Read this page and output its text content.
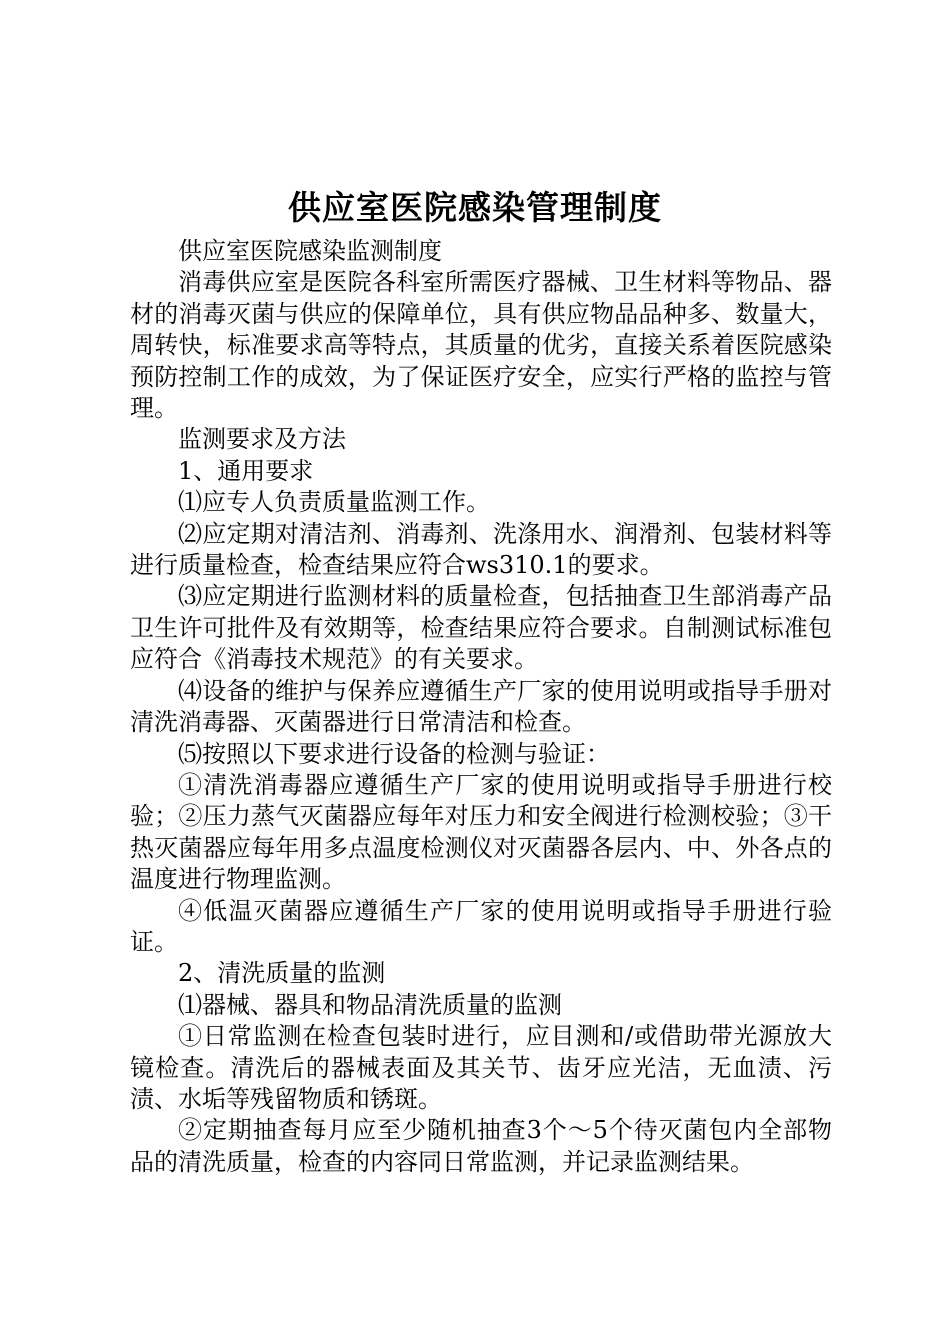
供应室医院感染管理制度

供应室医院感染监测制度

消毒供应室是医院各科室所需医疗器械、卫生材料等物品、器材的消毒灭菌与供应的保障单位，具有供应物品品种多、数量大，周转快，标准要求高等特点，其质量的优劣，直接关系着医院感染预防控制工作的成效，为了保证医疗安全，应实行严格的监控与管理。

监测要求及方法

1、通用要求

⑴应专人负责质量监测工作。

⑵应定期对清洁剂、消毒剂、洗涤用水、润滑剂、包装材料等进行质量检查，检查结果应符合ws310.1的要求。

⑶应定期进行监测材料的质量检查，包括抽查卫生部消毒产品卫生许可批件及有效期等，检查结果应符合要求。自制测试标准包应符合《消毒技术规范》的有关要求。

⑷设备的维护与保养应遵循生产厂家的使用说明或指导手册对清洗消毒器、灭菌器进行日常清洁和检查。

⑸按照以下要求进行设备的检测与验证：

①清洗消毒器应遵循生产厂家的使用说明或指导手册进行校验；②压力蒸气灭菌器应每年对压力和安全阀进行检测校验；③干热灭菌器应每年用多点温度检测仪对灭菌器各层内、中、外各点的温度进行物理监测。

④低温灭菌器应遵循生产厂家的使用说明或指导手册进行验证。

2、清洗质量的监测

⑴器械、器具和物品清洗质量的监测

①日常监测在检查包装时进行，应目测和/或借助带光源放大镜检查。清洗后的器械表面及其关节、齿牙应光洁，无血渍、污渍、水垢等残留物质和锈斑。

②定期抽查每月应至少随机抽查3个～5个待灭菌包内全部物品的清洗质量，检查的内容同日常监测，并记录监测结果。
